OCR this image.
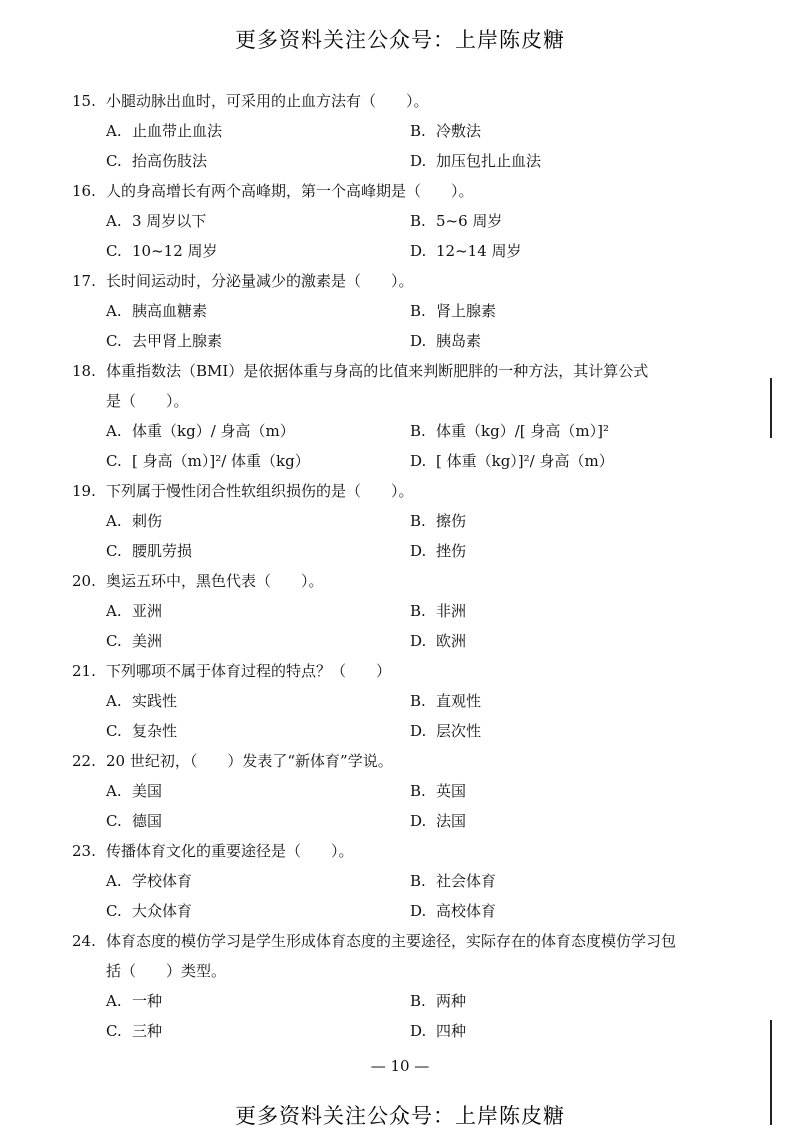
更多资料关注公众号：上岸陈皮糖
15. 小腿动脉出血时，可采用的止血方法有（　　）。
A. 止血带止血法	B. 冷敷法
C. 抬高伤肢法	D. 加压包扎止血法
16. 人的身高增长有两个高峰期，第一个高峰期是（　　）。
A. 3 周岁以下	B. 5~6 周岁
C. 10~12 周岁	D. 12~14 周岁
17. 长时间运动时，分泌量减少的激素是（　　）。
A. 胰高血糖素	B. 肾上腺素
C. 去甲肾上腺素	D. 胰岛素
18. 体重指数法（BMI）是依据体重与身高的比值来判断肥胖的一种方法，其计算公式
是（　　）。
A. 体重（kg）/ 身高（m）	B. 体重（kg）/[ 身高（m）]²
C. [ 身高（m）]²/ 体重（kg）	D. [ 体重（kg）]²/ 身高（m）
19. 下列属于慢性闭合性软组织损伤的是（　　）。
A. 刺伤	B. 擦伤
C. 腰肌劳损	D. 挫伤
20. 奥运五环中，黑色代表（　　）。
A. 亚洲	B. 非洲
C. 美洲	D. 欧洲
21. 下列哪项不属于体育过程的特点？（　　）
A. 实践性	B. 直观性
C. 复杂性	D. 层次性
22. 20 世纪初，（　　）发表了“新体育”学说。
A. 美国	B. 英国
C. 德国	D. 法国
23. 传播体育文化的重要途径是（　　）。
A. 学校体育	B. 社会体育
C. 大众体育	D. 高校体育
24. 体育态度的模仿学习是学生形成体育态度的主要途径，实际存在的体育态度模仿学习包
括（　　）类型。
A. 一种	B. 两种
C. 三种	D. 四种
— 10 —
更多资料关注公众号：上岸陈皮糖
